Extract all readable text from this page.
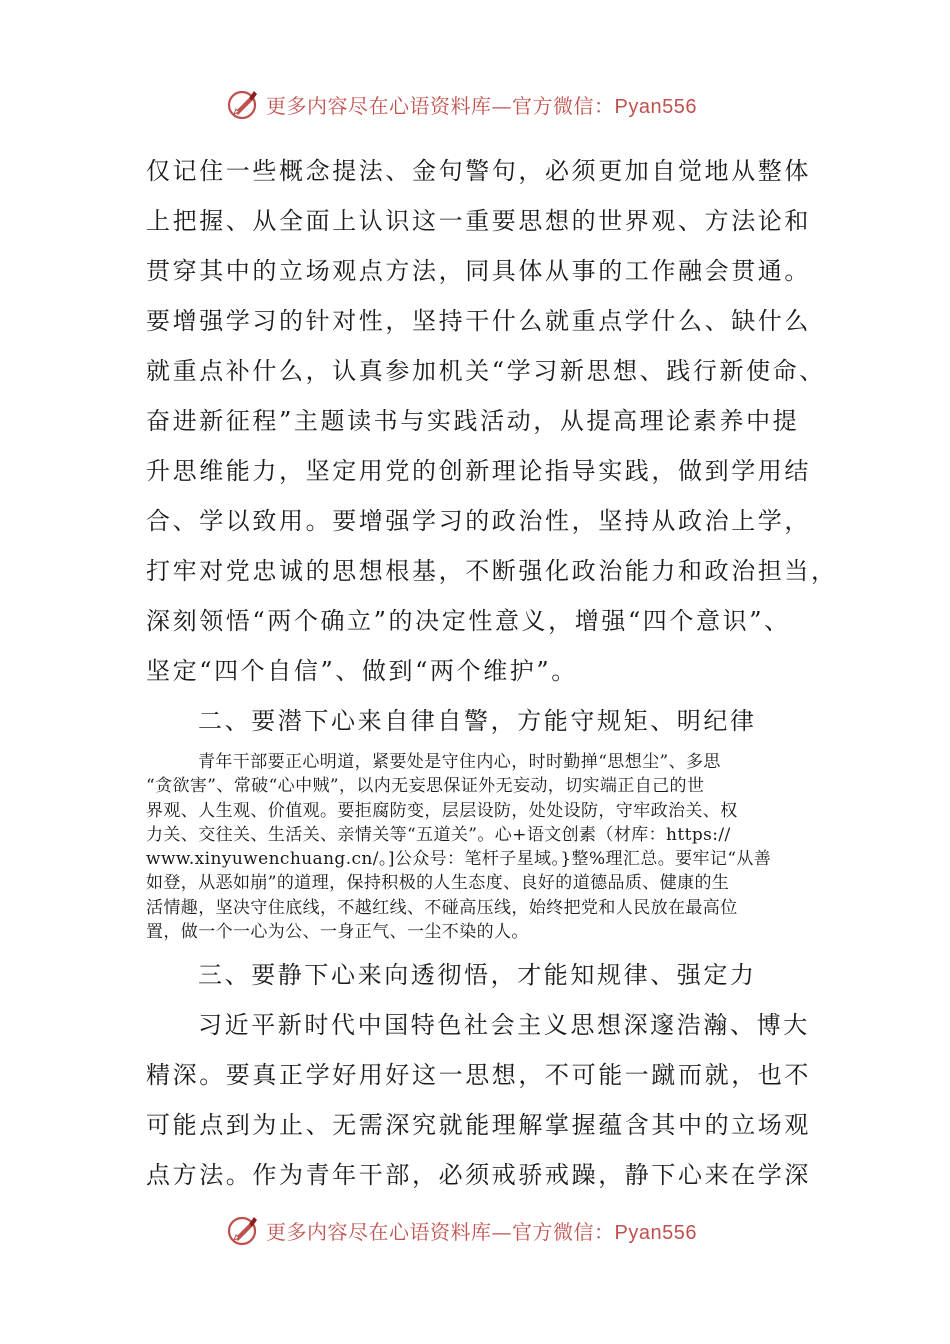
更多内容尽在心语资料库—官方微信：Pyan556
仅记住一些概念提法、金句警句，必须更加自觉地从整体
上把握、从全面上认识这一重要思想的世界观、方法论和
贯穿其中的立场观点方法，同具体从事的工作融会贯通。
要增强学习的针对性，坚持干什么就重点学什么、缺什么
就重点补什么，认真参加机关“学习新思想、践行新使命、
奋进新征程”主题读书与实践活动，从提高理论素养中提
升思维能力，坚定用党的创新理论指导实践，做到学用结
合、学以致用。要增强学习的政治性，坚持从政治上学，
打牢对党忠诚的思想根基，不断强化政治能力和政治担当，
深刻领悟“两个确立”的决定性意义，增强“四个意识”、
坚定“四个自信”、做到“两个维护”。
二、要潜下心来自律自警，方能守规矩、明纪律
青年干部要正心明道，紧要处是守住内心，时时勤掸“思想尘”、多思
“贪欲害”、常破“心中贼”，以内无妄思保证外无妄动，切实端正自己的世
界观、人生观、价值观。要拒腐防变，层层设防，处处设防，守牢政治关、权
力关、交往关、生活关、亲情关等“五道关”。心+语文创素（材库：https://
www.xinyuwenchuang.cn/。]公众号：笔杆子星域。}整%理汇总。要牢记“从善
如登，从恶如崩”的道理，保持积极的人生态度、良好的道德品质、健康的生
活情趣，坚决守住底线，不越红线、不碰高压线，始终把党和人民放在最高位
置，做一个一心为公、一身正气、一尘不染的人。
三、要静下心来向透彻悟，才能知规律、强定力
习近平新时代中国特色社会主义思想深邃浩瀚、博大
精深。要真正学好用好这一思想，不可能一蹴而就，也不
可能点到为止、无需深究就能理解掌握蕴含其中的立场观
点方法。作为青年干部，必须戒骄戒躁，静下心来在学深
更多内容尽在心语资料库—官方微信：Pyan556
